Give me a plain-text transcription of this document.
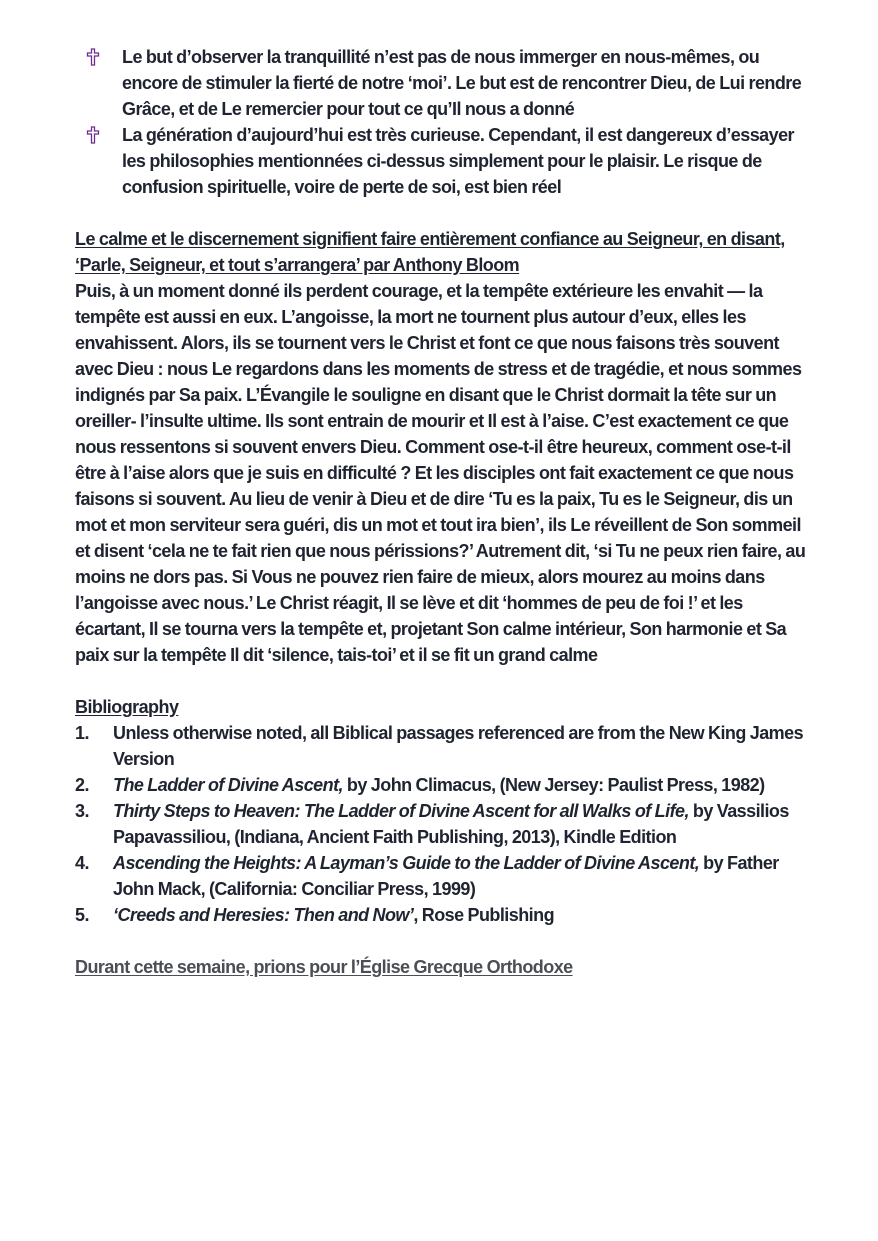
Le but d’observer la tranquillité n’est pas de nous immerger en nous-mêmes, ou encore de stimuler la fierté de notre ‘moi’. Le but est de rencontrer Dieu, de Lui rendre Grâce, et de Le remercier pour tout ce qu’Il nous a donné
La génération d’aujourd’hui est très curieuse. Cependant, il est dangereux d’essayer les philosophies mentionnées ci-dessus simplement pour le plaisir. Le risque de confusion spirituelle, voire de perte de soi, est bien réel
Le calme et le discernement signifient faire entièrement confiance au Seigneur, en disant, ‘Parle, Seigneur, et tout s’arrangera’ par Anthony Bloom
Puis, à un moment donné ils perdent courage, et la tempête extérieure les envahit — la tempête est aussi en eux. L’angoisse, la mort ne tournent plus autour d’eux, elles les envahissent. Alors, ils se tournent vers le Christ et font ce que nous faisons très souvent avec Dieu : nous Le regardons dans les moments de stress et de tragédie, et nous sommes indignés par Sa paix. L’Évangile le souligne en disant que le Christ dormait la tête sur un oreiller- l’insulte ultime. Ils sont entrain de mourir et Il est à l’aise. C’est exactement ce que nous ressentons si souvent envers Dieu. Comment ose-t-il être heureux, comment ose-t-il être à l’aise alors que je suis en difficulté ? Et les disciples ont fait exactement ce que nous faisons si souvent. Au lieu de venir à Dieu et de dire ‘Tu es la paix, Tu es le Seigneur, dis un mot et mon serviteur sera guéri, dis un mot et tout ira bien’, ils Le réveillent de Son sommeil et disent ‘cela ne te fait rien que nous périssions?’ Autrement dit, ‘si Tu ne peux rien faire, au moins ne dors pas. Si Vous ne pouvez rien faire de mieux, alors mourez au moins dans l’angoisse avec nous.’ Le Christ réagit, Il se lève et dit ‘hommes de peu de foi !’ et les écartant, Il se tourna vers la tempête et, projetant Son calme intérieur, Son harmonie et Sa paix sur la tempête Il dit ‘silence, tais-toi’ et il se fit un grand calme
Bibliography
1. Unless otherwise noted, all Biblical passages referenced are from the New King James Version
2. The Ladder of Divine Ascent, by John Climacus, (New Jersey: Paulist Press, 1982)
3. Thirty Steps to Heaven: The Ladder of Divine Ascent for all Walks of Life, by Vassilios Papavassiliou, (Indiana, Ancient Faith Publishing, 2013), Kindle Edition
4. Ascending the Heights: A Layman’s Guide to the Ladder of Divine Ascent, by Father John Mack, (California: Conciliar Press, 1999)
5. ‘Creeds and Heresies: Then and Now’, Rose Publishing
Durant cette semaine, prions pour l’Église Grecque Orthodoxe
